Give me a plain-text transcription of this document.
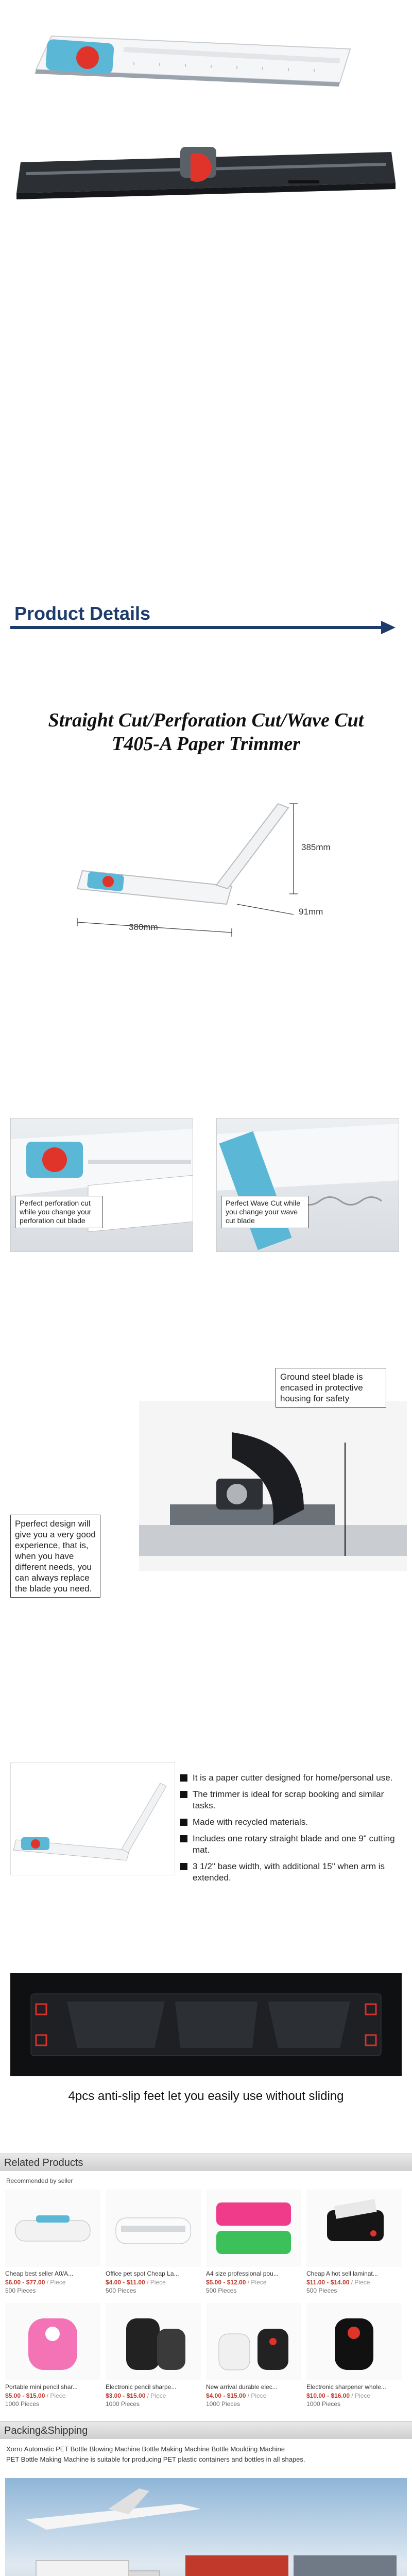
Product Details
Straight Cut/Perforation Cut/Wave Cut
T405-A Paper Trimmer
380mm
385mm
91mm
Perfect perforation cut while you change your perforation cut blade
Perfect Wave Cut while you change your wave cut blade
Ground steel blade is encased in protective housing for safety
Pperfect design will give you a very good experience, that is, when you have different needs, you can always replace the blade you need.
It is a paper cutter designed for home/personal use.
The trimmer is ideal for scrap booking and similar tasks.
Made with recycled materials.
Includes one rotary straight blade and one 9" cutting mat.
3 1/2" base width, with additional 15" when arm is extended.
4pcs anti-slip feet let you easily use without sliding
Related Products
Recommended by seller
Cheap best seller A0/A...
$6.00 - $77.00 / Piece
500 Pieces
Office pet spot Cheap La...
$4.00 - $11.00 / Piece
500 Pieces
A4 size professional pou...
$5.00 - $12.00 / Piece
500 Pieces
Cheap A hot sell laminat...
$11.00 - $14.00 / Piece
500 Pieces
Portable mini pencil shar...
$5.00 - $15.00 / Piece
1000 Pieces
Electronic pencil sharpe...
$3.00 - $15.00 / Piece
1000 Pieces
New arrival durable elec...
$4.00 - $15.00 / Piece
1000 Pieces
Electronic sharpener whole...
$10.00 - $16.00 / Piece
1000 Pieces
Packing&Shipping
Xorro Automatic PET Bottle Blowing Machine Bottle Making Machine Bottle Moulding Machine
PET Bottle Making Machine is suitable for producing PET plastic containers and bottles in all shapes.
